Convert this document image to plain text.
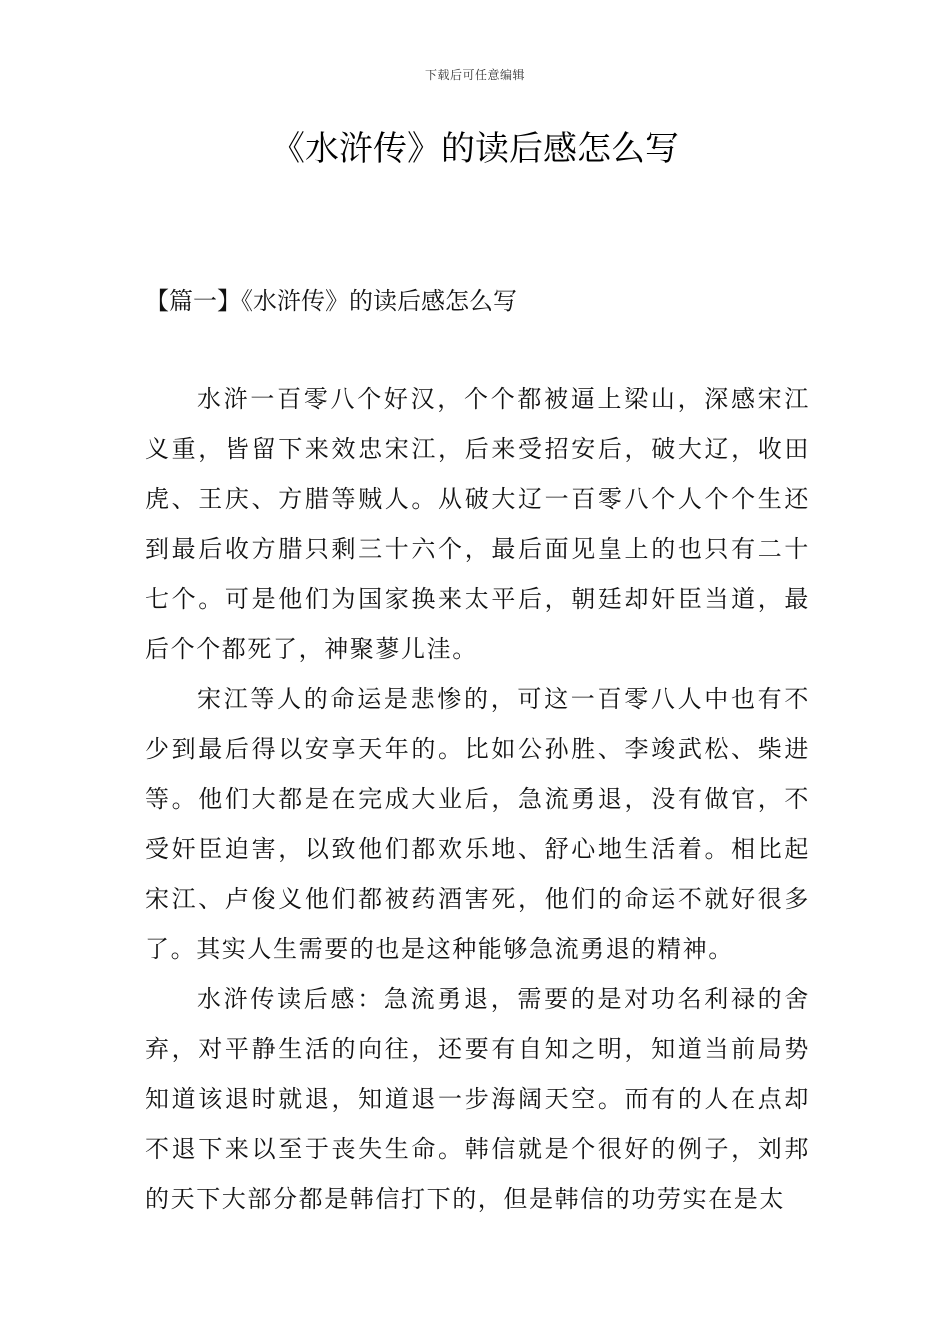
下载后可任意编辑
《水浒传》的读后感怎么写
【篇一】《水浒传》的读后感怎么写

水浒一百零八个好汉，个个都被逼上梁山，深感宋江义重，皆留下来效忠宋江，后来受招安后，破大辽，收田虎、王庆、方腊等贼人。从破大辽一百零八个人个个生还到最后收方腊只剩三十六个，最后面见皇上的也只有二十七个。可是他们为国家换来太平后，朝廷却奸臣当道，最后个个都死了，神聚蓼儿洼。

宋江等人的命运是悲惨的，可这一百零八人中也有不少到最后得以安享天年的。比如公孙胜、李竣武松、柴进等。他们大都是在完成大业后，急流勇退，没有做官，不受奸臣迫害，以致他们都欢乐地、舒心地生活着。相比起宋江、卢俊义他们都被药酒害死，他们的命运不就好很多了。其实人生需要的也是这种能够急流勇退的精神。

水浒传读后感：急流勇退，需要的是对功名利禄的舍弃，对平静生活的向往，还要有自知之明，知道当前局势知道该退时就退，知道退一步海阔天空。而有的人在点却不退下来以至于丧失生命。韩信就是个很好的例子，刘邦的天下大部分都是韩信打下的，但是韩信的功劳实在是太
